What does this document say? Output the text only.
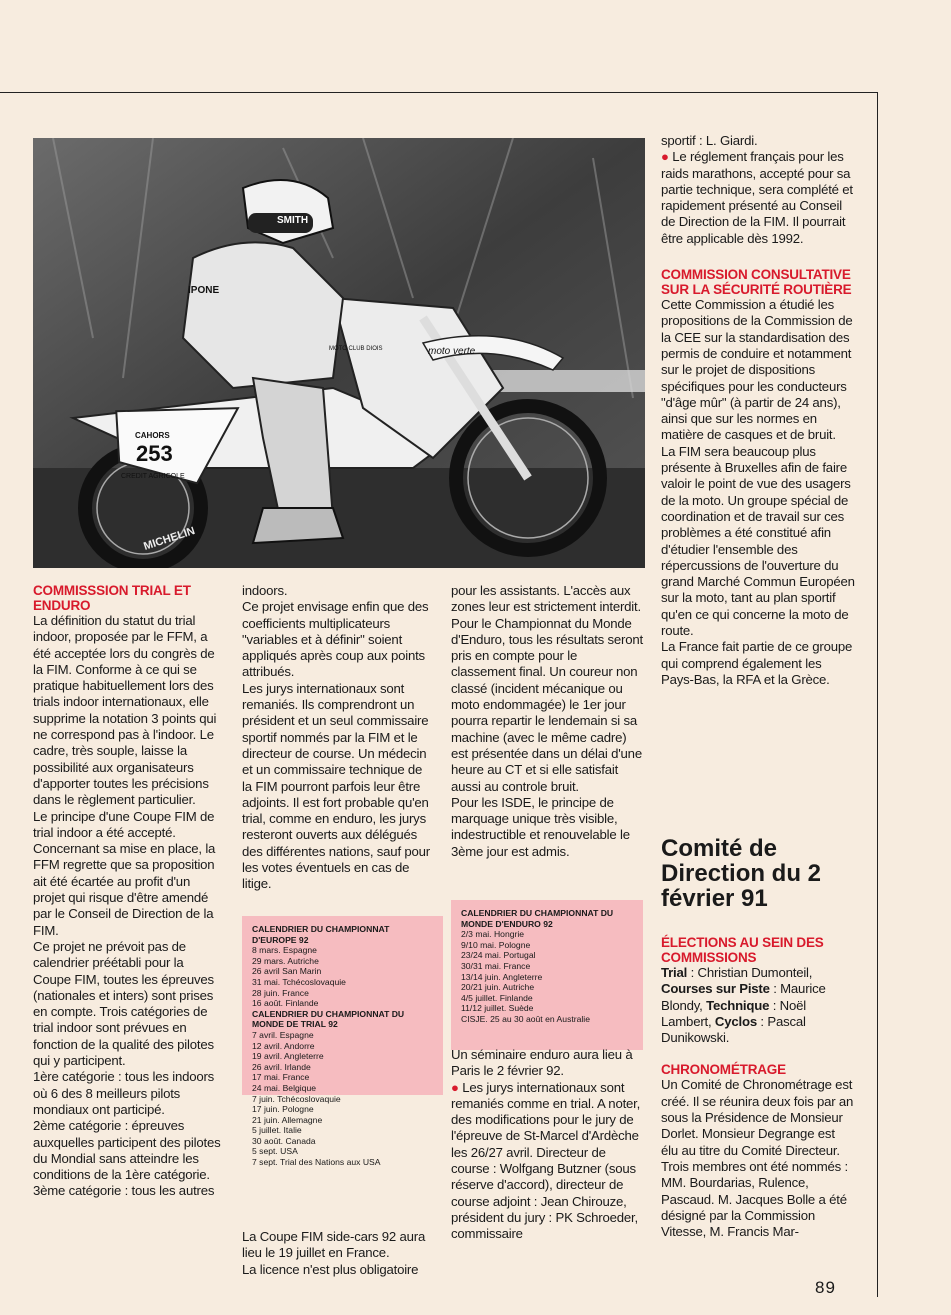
SMITH
IPONE
moto verte
MOTO CLUB DIOIS
CAHORS
253
CREDIT AGRICOLE
MICHELIN
COMMISSSION TRIAL ET ENDURO

La définition du statut du trial indoor, proposée par le FFM, a été acceptée lors du congrès de la FIM. Conforme à ce qui se pratique habituellement lors des trials indoor internationaux, elle supprime la notation 3 points qui ne correspond pas à l'indoor. Le cadre, très souple, laisse la possibilité aux organisateurs d'apporter toutes les précisions dans le règlement particulier.

Le principe d'une Coupe FIM de trial indoor a été accepté. Concernant sa mise en place, la FFM regrette que sa proposition ait été écartée au profit d'un projet qui risque d'être amendé par le Conseil de Direction de la FIM.

Ce projet ne prévoit pas de calendrier préétabli pour la Coupe FIM, toutes les épreuves (nationales et inters) sont prises en compte. Trois catégories de trial indoor sont prévues en fonction de la qualité des pilotes qui y participent.

1ère catégorie : tous les indoors où 6 des 8 meilleurs pilots mondiaux ont participé.

2ème catégorie : épreuves auxquelles participent des pilotes du Mondial sans atteindre les conditions de la 1ère catégorie.

3ème catégorie : tous les autres

indoors.

Ce projet envisage enfin que des coefficients multiplicateurs "variables et à définir" soient appliqués après coup aux points attribués.

Les jurys internationaux sont remaniés. Ils comprendront un président et un seul commissaire sportif nommés par la FIM et le directeur de course. Un médecin et un commissaire technique de la FIM pourront parfois leur être adjoints. Il est fort probable qu'en trial, comme en enduro, les jurys resteront ouverts aux délégués des différentes nations, sauf pour les votes éventuels en cas de litige.

La Coupe FIM side-cars 92 aura lieu le 19 juillet en France.

La licence n'est plus obligatoire

CALENDRIER DU CHAMPIONNAT D'EUROPE 92
8 mars. Espagne
29 mars. Autriche
26 avril San Marin
31 mai. Tchécoslovaquie
28 juin. France
16 août. Finlande
CALENDRIER DU CHAMPIONNAT DU MONDE DE TRIAL 92
7 avril. Espagne
12 avril. Andorre
19 avril. Angleterre
26 avril. Irlande
17 mai. France
24 mai. Belgique
7 juin. Tchécoslovaquie
17 juin. Pologne
21 juin. Allemagne
5 juillet. Italie
30 août. Canada
5 sept. USA
7 sept. Trial des Nations aux USA

pour les assistants. L'accès aux zones leur est strictement interdit.

Pour le Championnat du Monde d'Enduro, tous les résultats seront pris en compte pour le classement final. Un coureur non classé (incident mécanique ou moto endommagée) le 1er jour pourra repartir le lendemain si sa machine (avec le même cadre) est présentée dans un délai d'une heure au CT et si elle satisfait aussi au controle bruit.

Pour les ISDE, le principe de marquage unique très visible, indestructible et renouvelable le 3ème jour est admis.

CALENDRIER DU CHAMPIONNAT DU MONDE D'ENDURO 92
2/3 mai. Hongrie
9/10 mai. Pologne
23/24 mai. Portugal
30/31 mai. France
13/14 juin. Angleterre
20/21 juin. Autriche
4/5 juillet. Finlande
11/12 juillet. Suède
CISJE. 25 au 30 août en Australie

Un séminaire enduro aura lieu à Paris le 2 février 92.

● Les jurys internationaux sont remaniés comme en trial. A noter, des modifications pour le jury de l'épreuve de St-Marcel d'Ardèche les 26/27 avril. Directeur de course : Wolfgang Butzner (sous réserve d'accord), directeur de course adjoint : Jean Chirouze, président du jury : PK Schroeder, commissaire

sportif : L. Giardi.

● Le réglement français pour les raids marathons, accepté pour sa partie technique, sera complété et rapidement présenté au Conseil de Direction de la FIM. Il pourrait être applicable dès 1992.

COMMISSION CONSULTATIVE SUR LA SÉCURITÉ ROUTIÈRE

Cette Commission a étudié les propositions de la Commission de la CEE sur la standardisation des permis de conduire et notamment sur le projet de dispositions spécifiques pour les conducteurs "d'âge mûr" (à partir de 24 ans), ainsi que sur les normes en matière de casques et de bruit.

La FIM sera beaucoup plus présente à Bruxelles afin de faire valoir le point de vue des usagers de la moto. Un groupe spécial de coordination et de travail sur ces problèmes a été constitué afin d'étudier l'ensemble des répercussions de l'ouverture du grand Marché Commun Européen sur la moto, tant au plan sportif qu'en ce qui concerne la moto de route.

La France fait partie de ce groupe qui comprend également les Pays-Bas, la RFA et la Grèce.

Comité de Direction du 2 février 91
ÉLECTIONS AU SEIN DES COMMISSIONS

Trial : Christian Dumonteil, Courses sur Piste : Maurice Blondy, Technique : Noël Lambert, Cyclos : Pascal Dunikowski.

CHRONOMÉTRAGE

Un Comité de Chronométrage est créé. Il se réunira deux fois par an sous la Présidence de Monsieur Dorlet. Monsieur Degrange est élu au titre du Comité Directeur. Trois membres ont été nommés : MM. Bourdarias, Rulence, Pascaud. M. Jacques Bolle a été désigné par la Commission Vitesse, M. Francis Mar-

89
